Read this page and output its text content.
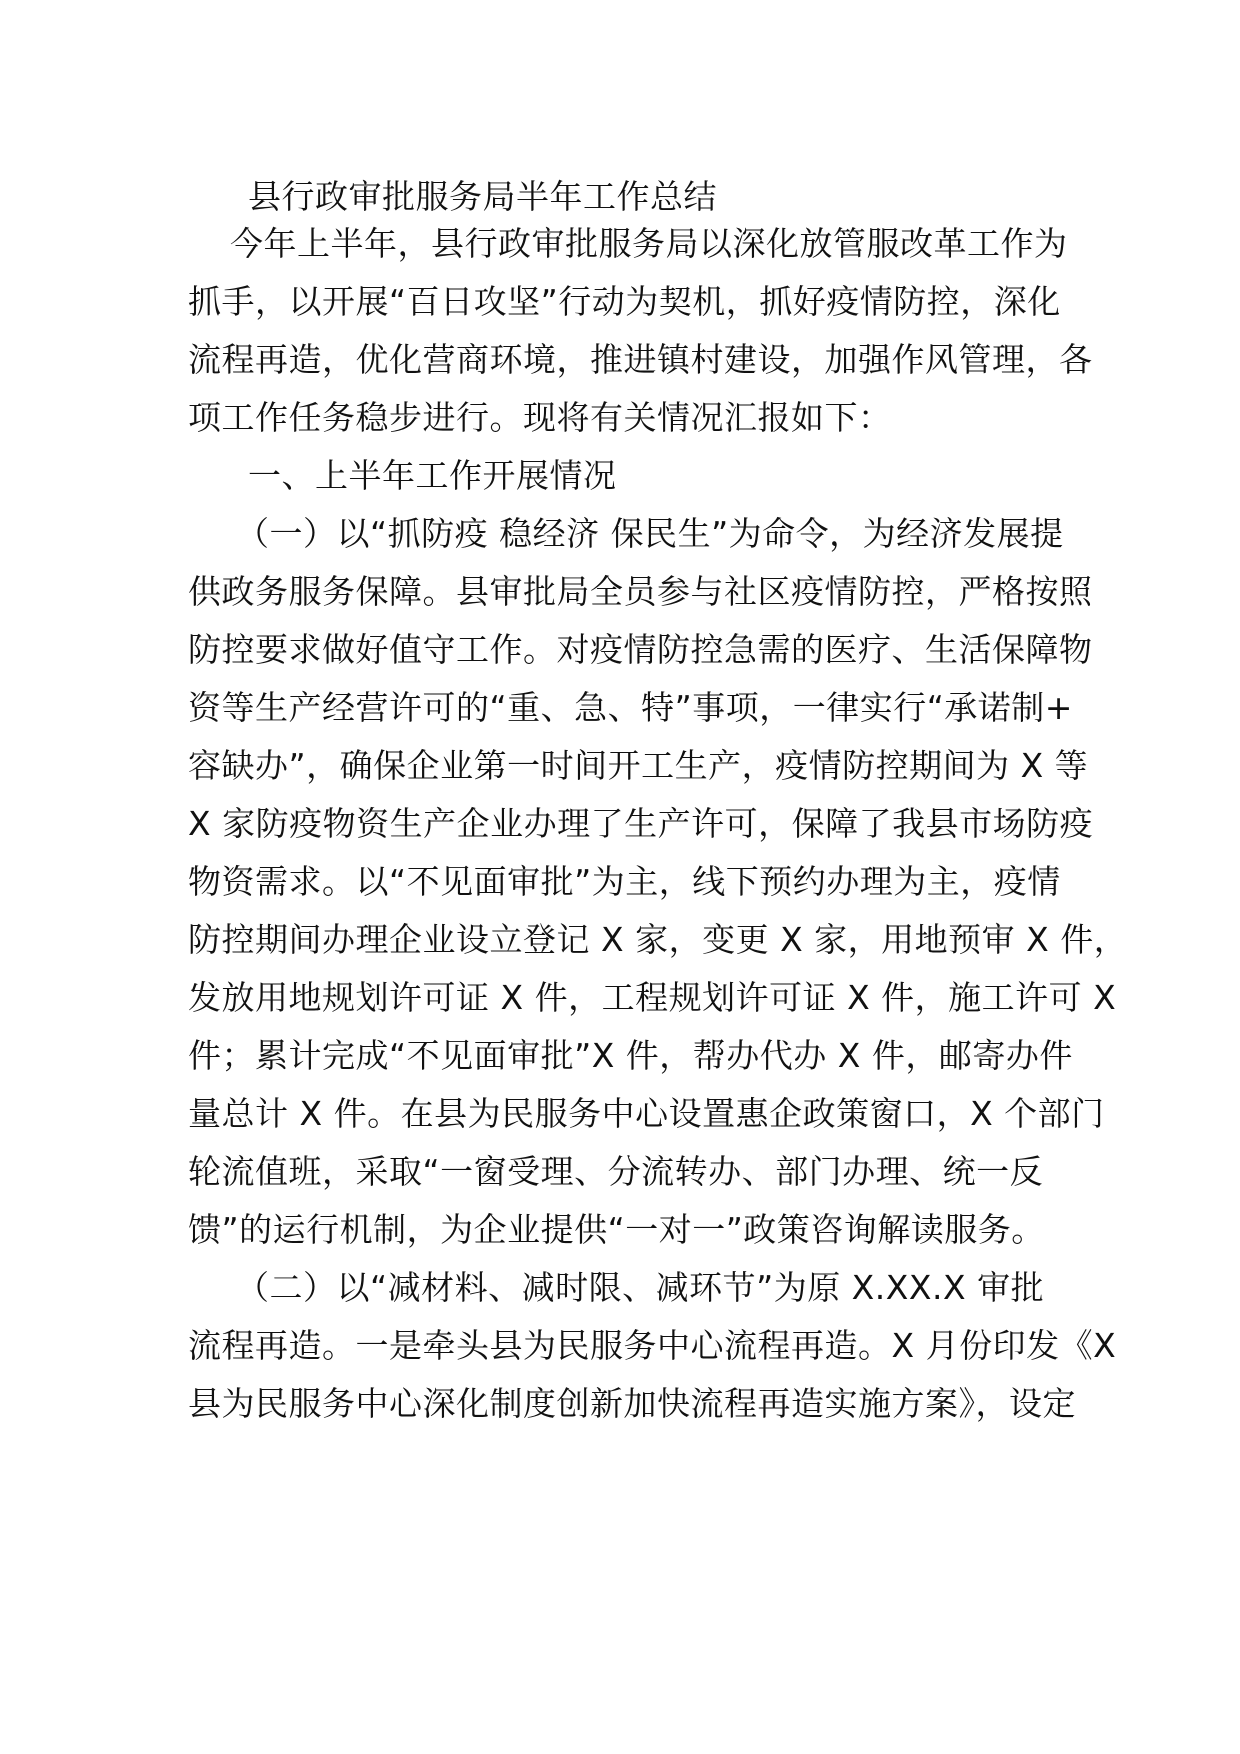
县行政审批服务局半年工作总结
今年上半年，县行政审批服务局以深化放管服改革工作为
抓手，以开展“百日攻坚”行动为契机，抓好疫情防控，深化
流程再造，优化营商环境，推进镇村建设，加强作风管理，各
项工作任务稳步进行。现将有关情况汇报如下：
一、上半年工作开展情况
（一）以“抓防疫 稳经济 保民生”为命令，为经济发展提
供政务服务保障。县审批局全员参与社区疫情防控，严格按照
防控要求做好值守工作。对疫情防控急需的医疗、生活保障物
资等生产经营许可的“重、急、特”事项，一律实行“承诺制+
容缺办”，确保企业第一时间开工生产，疫情防控期间为 X 等
X 家防疫物资生产企业办理了生产许可，保障了我县市场防疫
物资需求。以“不见面审批”为主，线下预约办理为主，疫情
防控期间办理企业设立登记 X 家，变更 X 家，用地预审 X 件，
发放用地规划许可证 X 件，工程规划许可证 X 件，施工许可 X
件；累计完成“不见面审批”X 件，帮办代办 X 件，邮寄办件
量总计 X 件。在县为民服务中心设置惠企政策窗口，X 个部门
轮流值班，采取“一窗受理、分流转办、部门办理、统一反
馈”的运行机制，为企业提供“一对一”政策咨询解读服务。
（二）以“减材料、减时限、减环节”为原 X.XX.X 审批
流程再造。一是牵头县为民服务中心流程再造。X 月份印发《X
县为民服务中心深化制度创新加快流程再造实施方案》，设定
